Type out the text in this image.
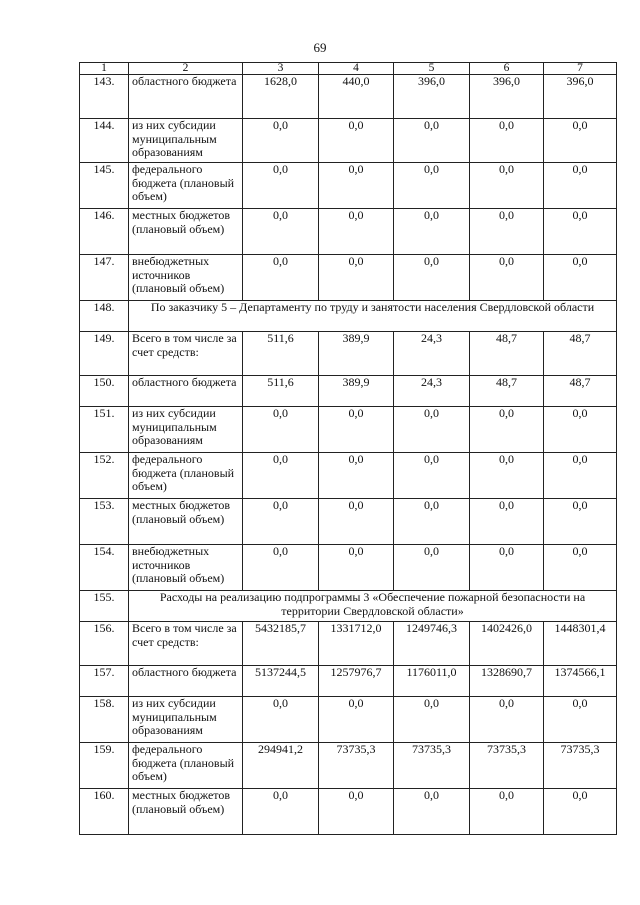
69
1	2	3	4	5	6	7
143.	областного бюджета	1628,0	440,0	396,0	396,0	396,0
144.	из них субсидии муниципальным образованиям	0,0	0,0	0,0	0,0	0,0
145.	федерального бюджета (плановый объем)	0,0	0,0	0,0	0,0	0,0
146.	местных бюджетов (плановый объем)	0,0	0,0	0,0	0,0	0,0
147.	внебюджетных источников (плановый объем)	0,0	0,0	0,0	0,0	0,0
148.	По заказчику 5 – Департаменту по труду и занятости населения Свердловской области					
149.	Всего в том числе за счет средств:	511,6	389,9	24,3	48,7	48,7
150.	областного бюджета	511,6	389,9	24,3	48,7	48,7
151.	из них субсидии муниципальным образованиям	0,0	0,0	0,0	0,0	0,0
152.	федерального бюджета (плановый объем)	0,0	0,0	0,0	0,0	0,0
153.	местных бюджетов (плановый объем)	0,0	0,0	0,0	0,0	0,0
154.	внебюджетных источников (плановый объем)	0,0	0,0	0,0	0,0	0,0
155.	Расходы на реализацию подпрограммы 3 «Обеспечение пожарной безопасности на территории Свердловской области»					
156.	Всего в том числе за счет средств:	5432185,7	1331712,0	1249746,3	1402426,0	1448301,4
157.	областного бюджета	5137244,5	1257976,7	1176011,0	1328690,7	1374566,1
158.	из них субсидии муниципальным образованиям	0,0	0,0	0,0	0,0	0,0
159.	федерального бюджета (плановый объем)	294941,2	73735,3	73735,3	73735,3	73735,3
160.	местных бюджетов (плановый объем)	0,0	0,0	0,0	0,0	0,0
